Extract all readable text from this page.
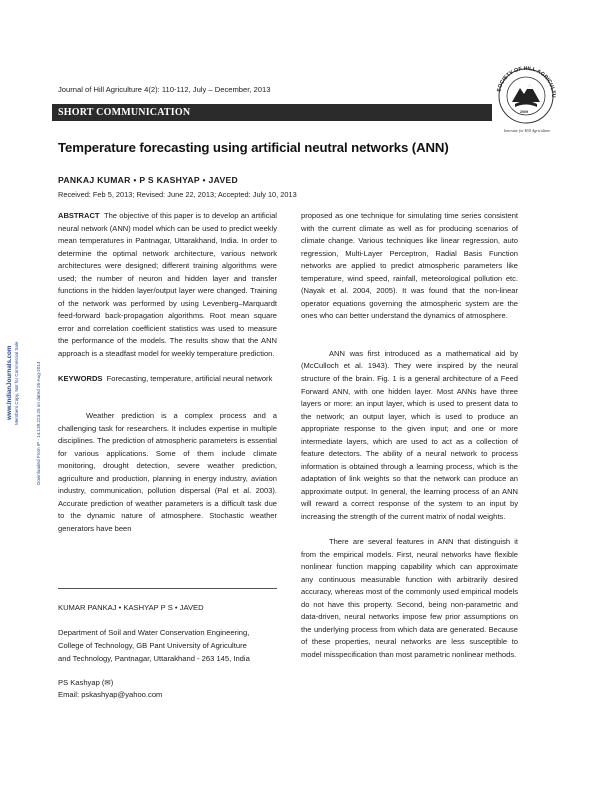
www.IndianJournals.com Members Copy, Not for Commercial Sale	Downloaded From IP - 14.139.223.25 on dated 26-Aug-2014
Journal of Hill Agriculture 4(2): 110-112, July – December, 2013
SHORT COMMUNICATION
SOCIETY OF HILL AGRICULTU
2009
Innovate for Hill Agriculture
Temperature forecasting using artificial neutral networks (ANN)
PANKAJ KUMAR • P S KASHYAP • JAVED
Received: Feb 5, 2013; Revised: June 22, 2013; Accepted: July 10, 2013

ABSTRACT The objective of this paper is to develop an artificial neural network (ANN) model which can be used to predict weekly mean temperatures in Pantnagar, Uttarakhand, India. In order to determine the optimal network architecture, various network architectures were designed; different training algorithms were used; the number of neuron and hidden layer and transfer functions in the hidden layer/output layer were changed. Training of the network was performed by using Levenberg–Marquardt feed-forward back-propagation algorithms. Root mean square error and correlation coefficient statistics was used to measure the performance of the models. The results show that the ANN approach is a steadfast model for weekly temperature prediction.

KEYWORDS Forecasting, temperature, artificial neural network

Weather prediction is a complex process and a challenging task for researchers. It includes expertise in multiple disciplines. The prediction of atmospheric parameters is essential for various applications. Some of them include climate monitoring, drought detection, severe weather prediction, agriculture and production, planning in energy industry, aviation industry, communication, pollution dispersal (Pal et al. 2003). Accurate prediction of weather parameters is a difficult task due to the dynamic nature of atmosphere. Stochastic weather generators have been

proposed as one technique for simulating time series consistent with the current climate as well as for producing scenarios of climate change. Various techniques like linear regression, auto regression, Multi-Layer Perceptron, Radial Basis Function networks are applied to predict atmospheric parameters like temperature, wind speed, rainfall, meteorological pollution etc. (Nayak et al. 2004, 2005). It was found that the non-linear operator equations governing the atmospheric system are the ones who can better understand the dynamics of atmosphere.

ANN was first introduced as a mathematical aid by (McCulloch et al. 1943). They were inspired by the neural structure of the brain. Fig. 1 is a general architecture of a Feed Forward ANN, with one hidden layer. Most ANNs have three layers or more: an input layer, which is used to present data to the network; an output layer, which is used to produce an appropriate response to the given input; and one or more intermediate layers, which are used to act as a collection of feature detectors. The ability of a neural network to process information is obtained through a learning process, which is the adaptation of link weights so that the network can produce an approximate output. In general, the learning process of an ANN will reward a correct response of the system to an input by increasing the strength of the current matrix of nodal weights.

There are several features in ANN that distinguish it from the empirical models. First, neural networks have flexible nonlinear function mapping capability which can approximate any continuous measurable function with arbitrarily desired accuracy, whereas most of the commonly used empirical models do not have this property. Second, being non-parametric and data-driven, neural networks impose few prior assumptions on the underlying process from which data are generated. Because of these properties, neural networks are less susceptible to model misspecification than most parametric nonlinear methods.

KUMAR PANKAJ • KASHYAP P S • JAVED
Department of Soil and Water Conservation Engineering,
College of Technology, GB Pant University of Agriculture
and Technology, Pantnagar, Uttarakhand - 263 145, India
PS Kashyap (✉)
Email: pskashyap@yahoo.com
